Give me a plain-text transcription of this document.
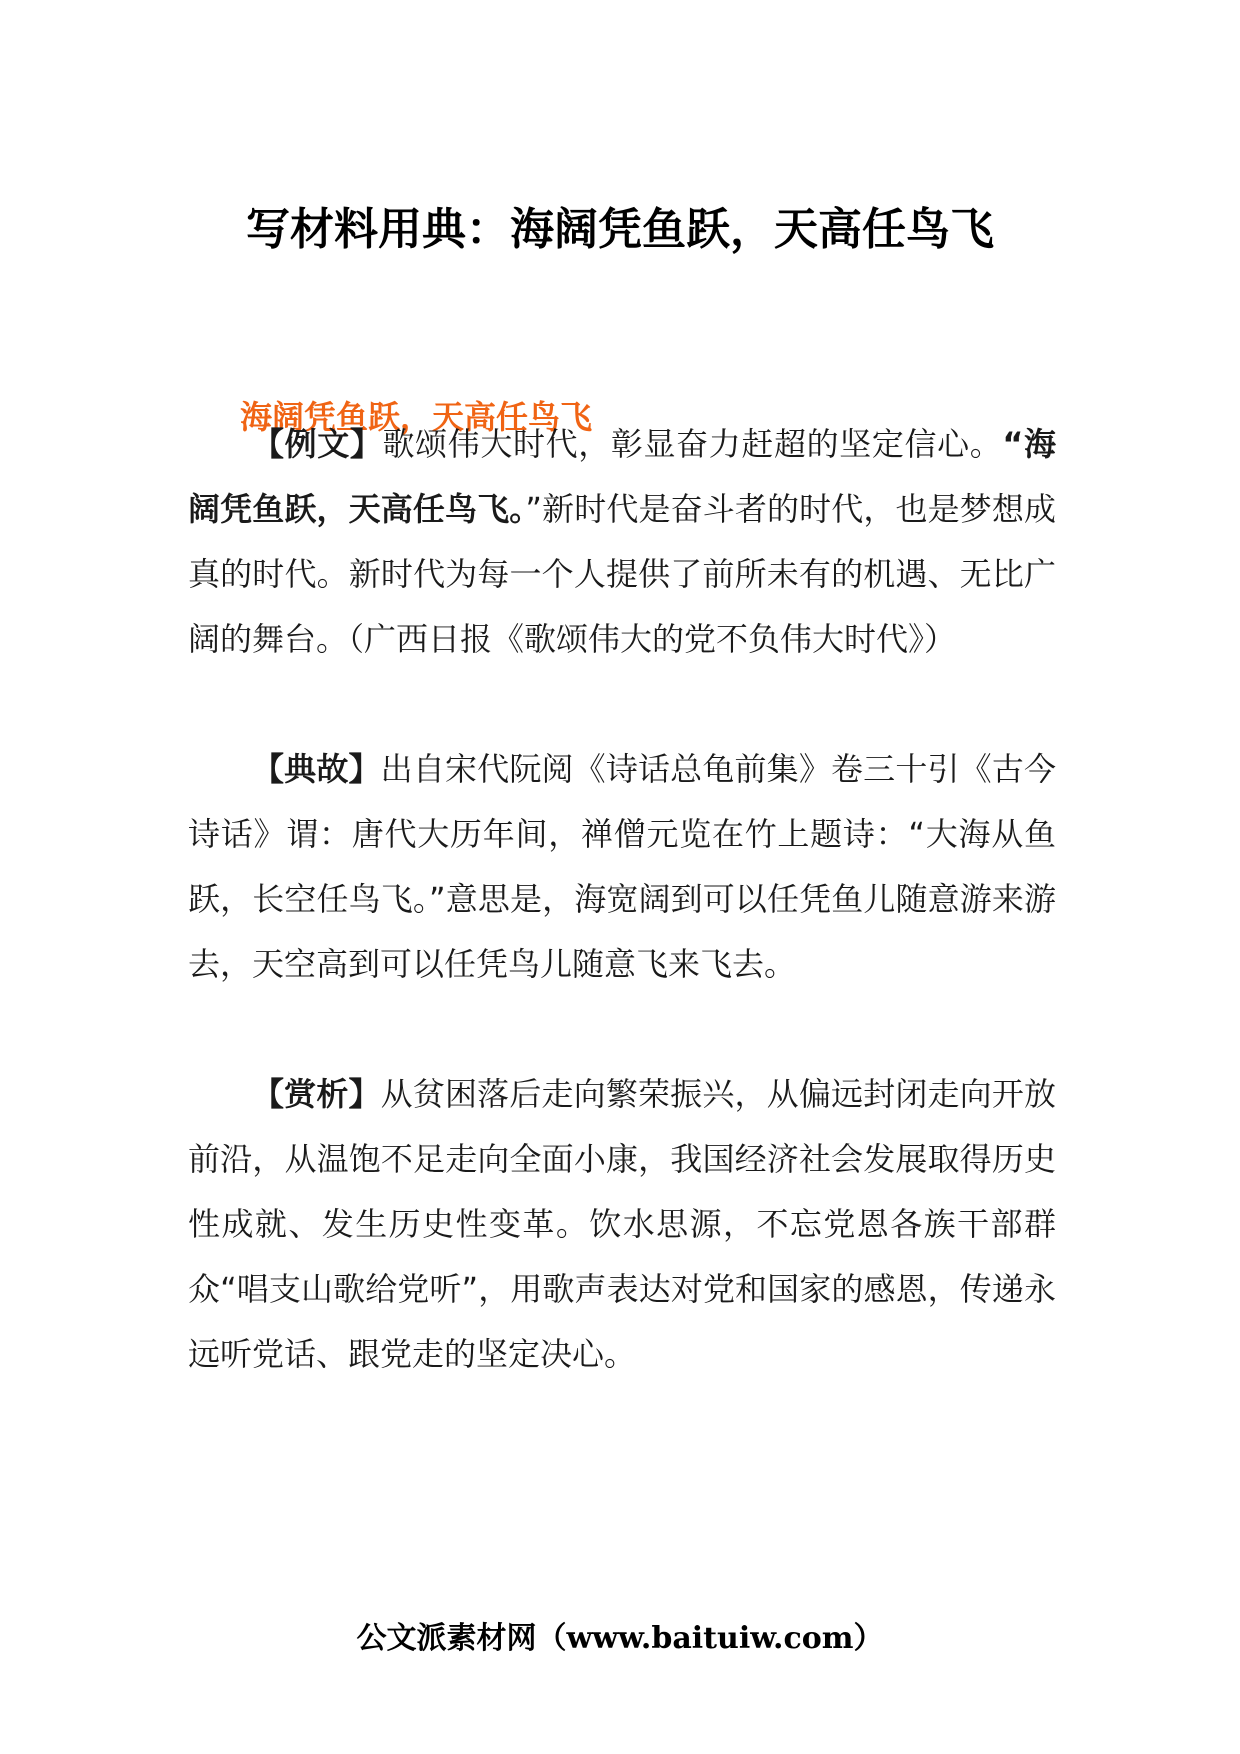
写材料用典：海阔凭鱼跃，天高任鸟飞
海阔凭鱼跃，天高任鸟飞

【例文】歌颂伟大时代，彰显奋力赶超的坚定信心。“海阔凭鱼跃，天高任鸟飞。”新时代是奋斗者的时代，也是梦想成真的时代。新时代为每一个人提供了前所未有的机遇、无比广阔的舞台。（广西日报《歌颂伟大的党不负伟大时代》）

【典故】出自宋代阮阅《诗话总龟前集》卷三十引《古今诗话》谓：唐代大历年间，禅僧元览在竹上题诗：“大海从鱼跃，长空任鸟飞。”意思是，海宽阔到可以任凭鱼儿随意游来游去，天空高到可以任凭鸟儿随意飞来飞去。

【赏析】从贫困落后走向繁荣振兴，从偏远封闭走向开放前沿，从温饱不足走向全面小康，我国经济社会发展取得历史性成就、发生历史性变革。饮水思源，不忘党恩各族干部群众“唱支山歌给党听”，用歌声表达对党和国家的感恩，传递永远听党话、跟党走的坚定决心。

公文派素材网（www.baituiw.com）
